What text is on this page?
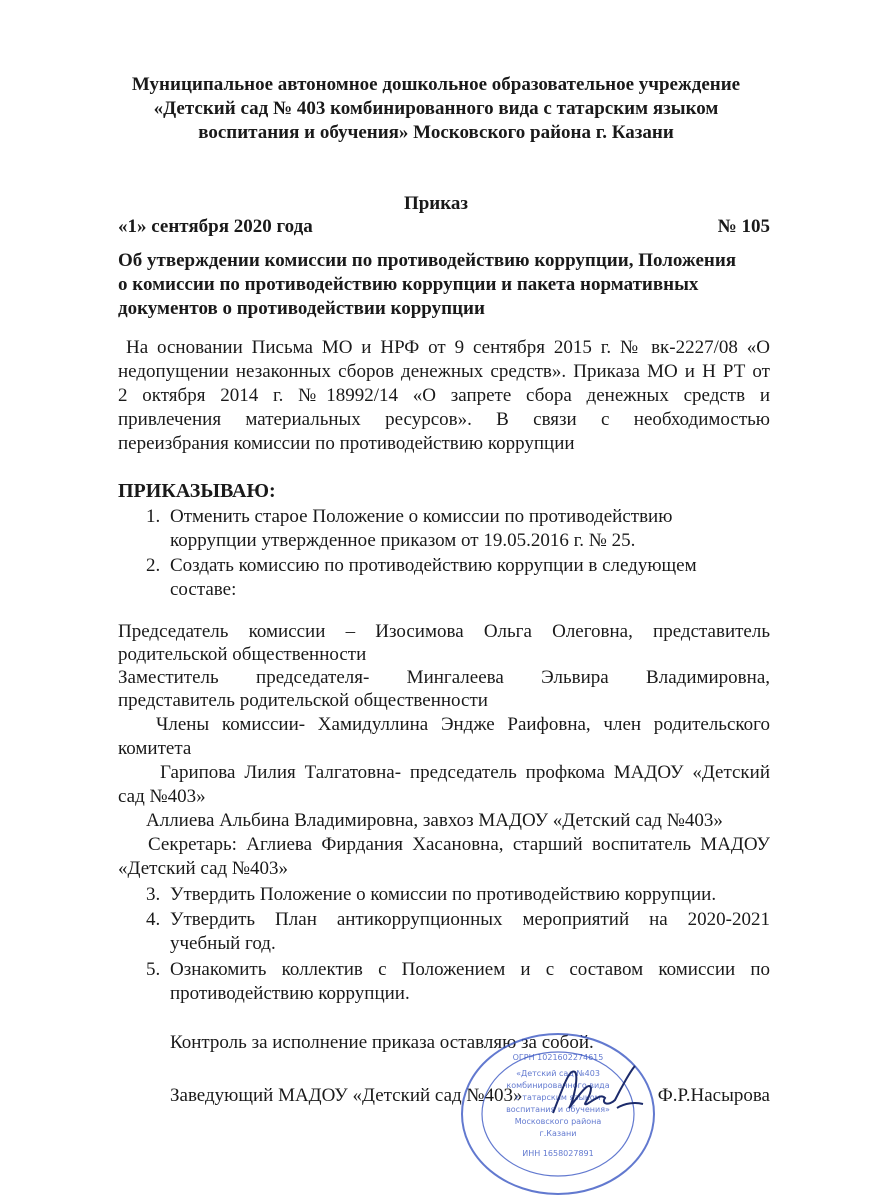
Муниципальное автономное дошкольное образовательное учреждение
«Детский сад № 403 комбинированного вида с татарским языком
воспитания и обучения» Московского района г. Казани
Приказ
«1» сентября 2020 года	№ 105
Об утверждении комиссии по противодействию коррупции, Положения
о комиссии по противодействию коррупции и пакета нормативных
документов о противодействии коррупции
На основании Письма МО и НРФ от 9 сентября 2015 г. № вк-2227/08 «О
недопущении незаконных сборов денежных средств». Приказа МО и Н РТ от
2 октября 2014 г. №18992/14 «О запрете сбора денежных средств и
привлечения материальных ресурсов». В связи с необходимостью
переизбрания комиссии по противодействию коррупции
ПРИКАЗЫВАЮ:
1. Отменить старое Положение о комиссии по противодействию
коррупции утвержденное приказом от 19.05.2016 г. № 25.
2. Создать комиссию по противодействию коррупции в следующем
составе:
Председатель комиссии – Изосимова Ольга Олеговна, представитель
родительской общественности
Заместитель председателя- Мингалеева Эльвира Владимировна,
представитель родительской общественности
Члены комиссии- Хамидуллина Эндже Раифовна, член родительского
комитета
Гарипова Лилия Талгатовна- председатель профкома МАДОУ «Детский
сад №403»
Аллиева Альбина Владимировна, завхоз МАДОУ «Детский сад №403»
Секретарь: Аглиева Фирдания Хасановна, старший воспитатель МАДОУ
«Детский сад №403»
3. Утвердить Положение о комиссии по противодействию коррупции.
4. Утвердить План антикоррупционных мероприятий на 2020-2021
учебный год.
5. Ознакомить коллектив с Положением и с составом комиссии по
противодействию коррупции.
Контроль за исполнение приказа оставляю за собой.
Заведующий МАДОУ «Детский сад №403»	Ф.Р.Насырова
ОГРН 1021602274615
«Детский сад №403
комбинированного вида
с татарским языком
воспитания и обучения»
Московского района
г.Казани
ИНН 1658027891
